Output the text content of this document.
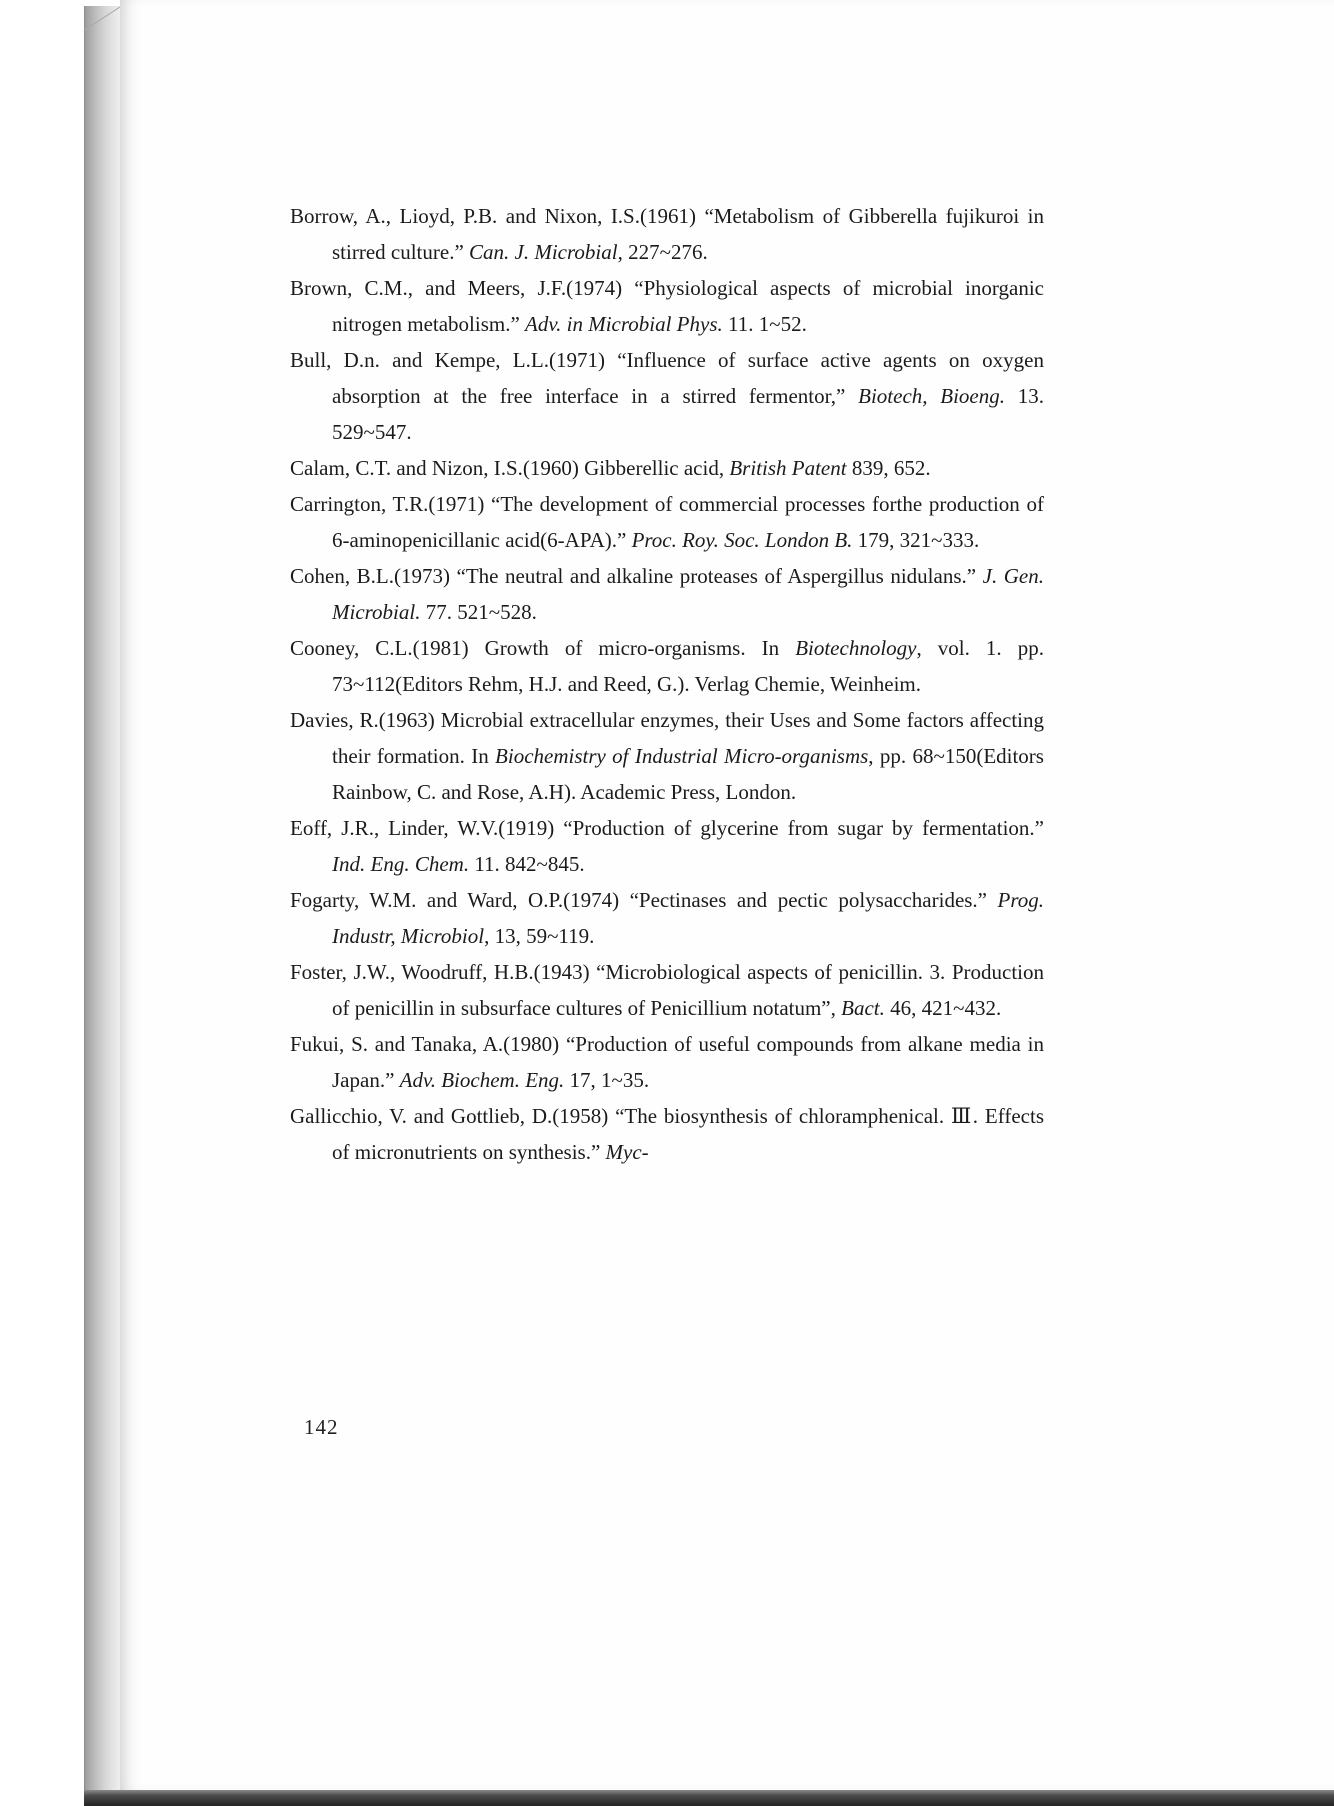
Borrow, A., Lioyd, P.B. and Nixon, I.S.(1961) “Metabolism of Gibberella fujikuroi in stirred culture.” Can. J. Microbial, 227~276.
Brown, C.M., and Meers, J.F.(1974) “Physiological aspects of microbial inorganic nitrogen metabolism.” Adv. in Microbial Phys. 11. 1~52.
Bull, D.n. and Kempe, L.L.(1971) “Influence of surface active agents on oxygen absorption at the free interface in a stirred fermentor,” Biotech, Bioeng. 13. 529~547.
Calam, C.T. and Nizon, I.S.(1960) Gibberellic acid, British Patent 839, 652.
Carrington, T.R.(1971) “The development of commercial processes forthe production of 6-aminopenicillanic acid(6-APA).” Proc. Roy. Soc. London B. 179, 321~333.
Cohen, B.L.(1973) “The neutral and alkaline proteases of Aspergillus nidulans.” J. Gen. Microbial. 77. 521~528.
Cooney, C.L.(1981) Growth of micro-organisms. In Biotechnology, vol. 1. pp. 73~112(Editors Rehm, H.J. and Reed, G.). Verlag Chemie, Weinheim.
Davies, R.(1963) Microbial extracellular enzymes, their Uses and Some factors affecting their formation. In Biochemistry of Industrial Micro-organisms, pp. 68~150(Editors Rainbow, C. and Rose, A.H). Academic Press, London.
Eoff, J.R., Linder, W.V.(1919) “Production of glycerine from sugar by fermentation.” Ind. Eng. Chem. 11. 842~845.
Fogarty, W.M. and Ward, O.P.(1974) “Pectinases and pectic polysaccharides.” Prog. Industr, Microbiol, 13, 59~119.
Foster, J.W., Woodruff, H.B.(1943) “Microbiological aspects of penicillin. 3. Production of penicillin in subsurface cultures of Penicillium notatum”, Bact. 46, 421~432.
Fukui, S. and Tanaka, A.(1980) “Production of useful compounds from alkane media in Japan.” Adv. Biochem. Eng. 17, 1~35.
Gallicchio, V. and Gottlieb, D.(1958) “The biosynthesis of chloramphenical. Ⅲ. Effects of micronutrients on synthesis.” Myc-
142
